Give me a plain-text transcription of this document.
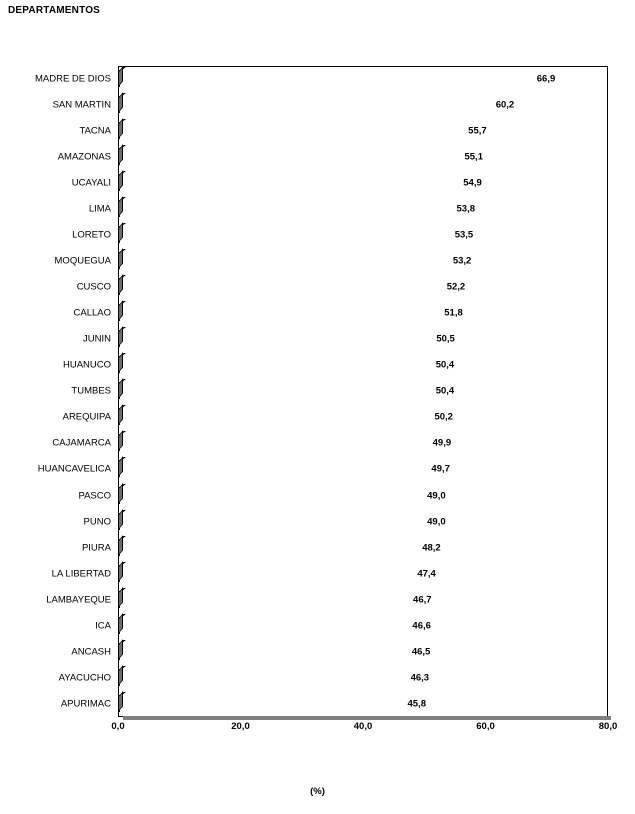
DEPARTAMENTOS
MADRE DE DIOS	66,9
SAN MARTIN	60,2
TACNA	55,7
AMAZONAS	55,1
UCAYALI	54,9
LIMA	53,8
LORETO	53,5
MOQUEGUA	53,2
CUSCO	52,2
CALLAO	51,8
JUNIN	50,5
HUANUCO	50,4
TUMBES	50,4
AREQUIPA	50,2
CAJAMARCA	49,9
HUANCAVELICA	49,7
PASCO	49,0
PUNO	49,0
PIURA	48,2
LA LIBERTAD	47,4
LAMBAYEQUE	46,7
ICA	46,6
ANCASH	46,5
AYACUCHO	46,3
APURIMAC	45,8
0,0	20,0	40,0	60,0	80,0
(%)
